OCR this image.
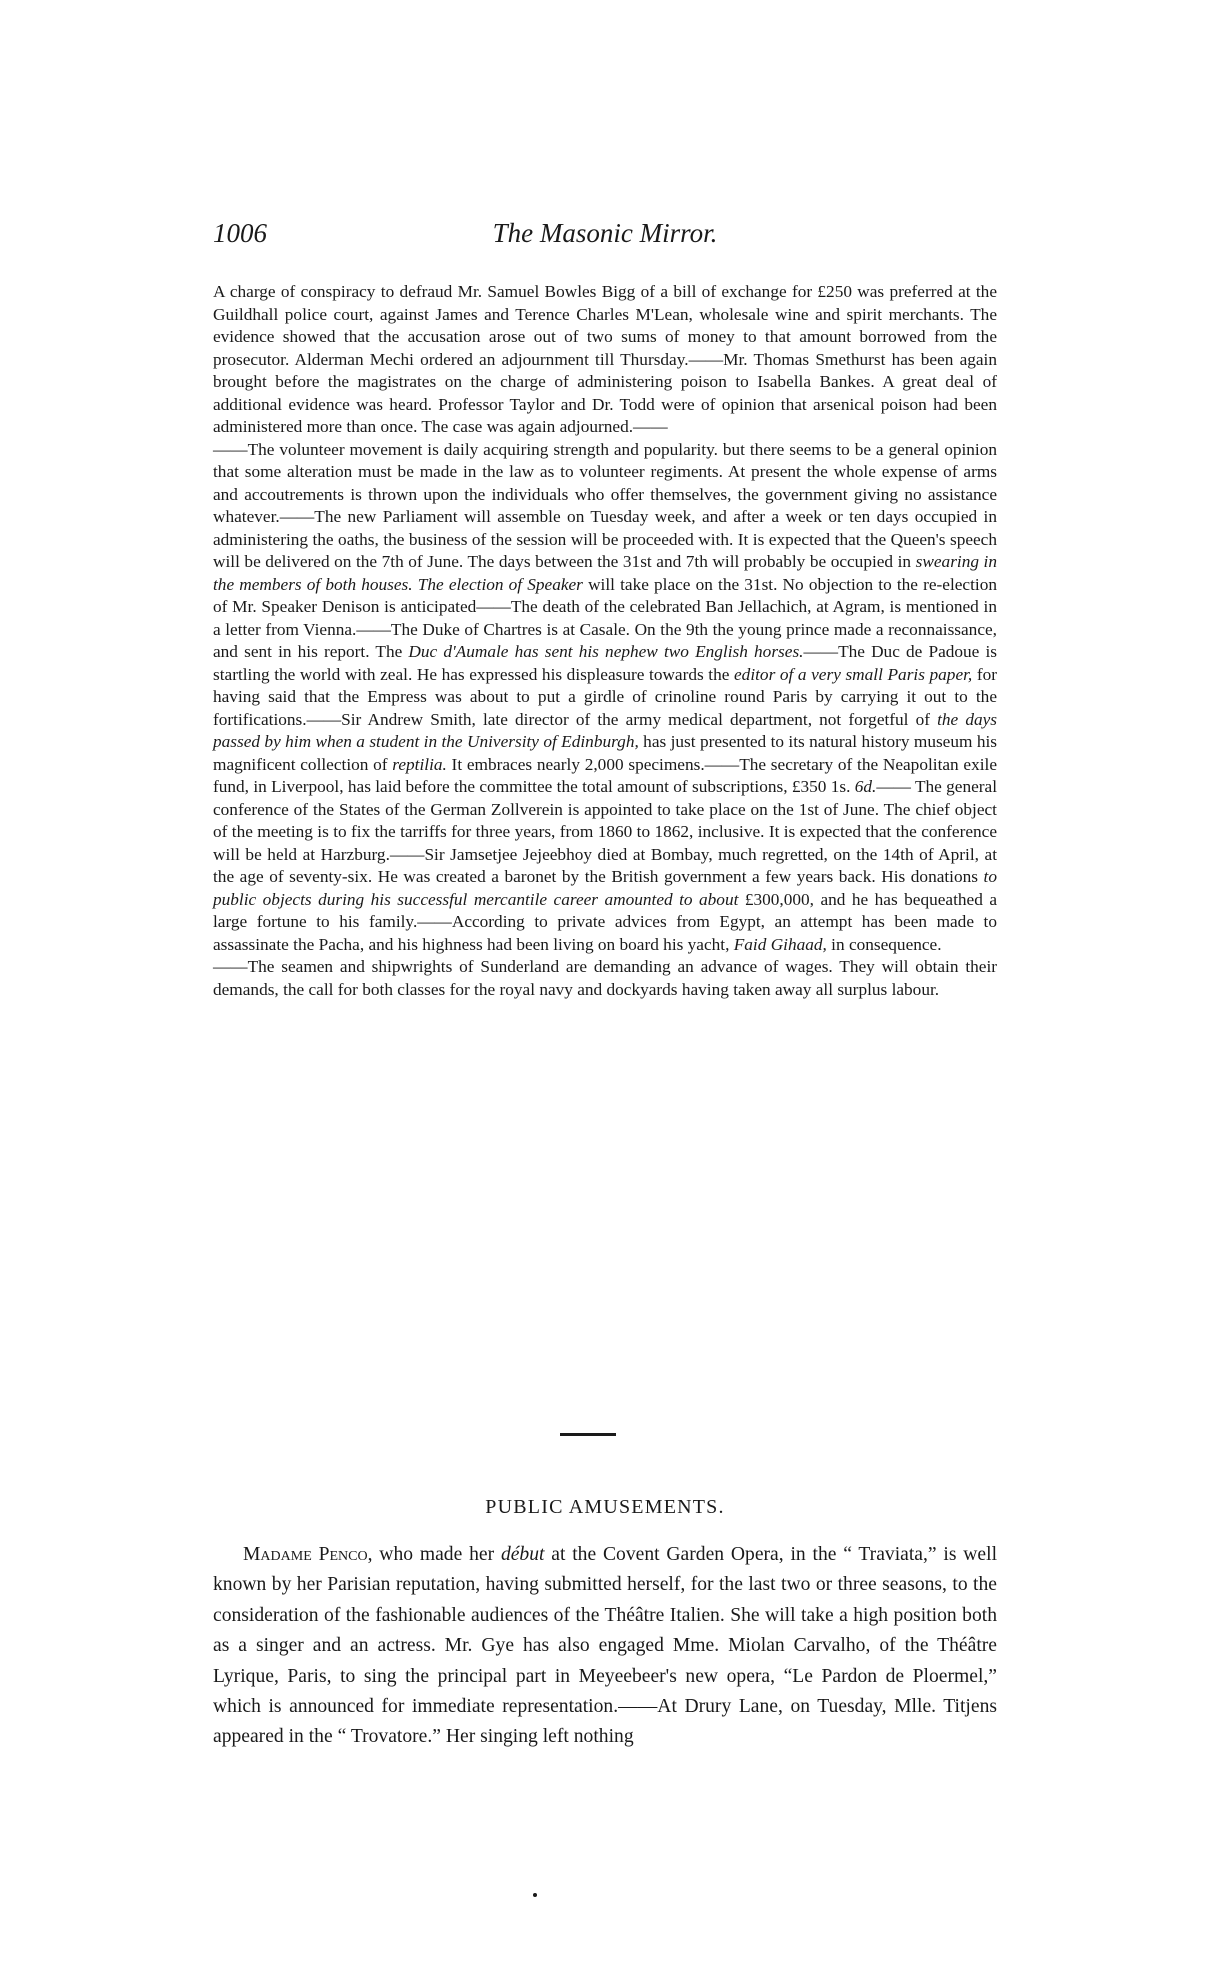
1006	The Masonic Mirror.

A charge of conspiracy to defraud Mr. Samuel Bowles Bigg of a bill of exchange for £250 was preferred at the Guildhall police court, against James and Terence Charles M'Lean, wholesale wine and spirit merchants. The evidence showed that the accusation arose out of two sums of money to that amount borrowed from the prosecutor. Alderman Mechi ordered an adjournment till Thursday.——Mr. Thomas Smethurst has been again brought before the magistrates on the charge of administering poison to Isabella Bankes. A great deal of additional evidence was heard. Professor Taylor and Dr. Todd were of opinion that arsenical poison had been administered more than once. The case was again adjourned.——

——The volunteer movement is daily acquiring strength and popularity. but there seems to be a general opinion that some alteration must be made in the law as to volunteer regiments. At present the whole expense of arms and accoutrements is thrown upon the individuals who offer themselves, the government giving no assistance whatever.——The new Parliament will assemble on Tuesday week, and after a week or ten days occupied in administering the oaths, the business of the session will be proceeded with. It is expected that the Queen's speech will be delivered on the 7th of June. The days between the 31st and 7th will probably be occupied in swearing in the members of both houses. The election of Speaker will take place on the 31st. No objection to the re-election of Mr. Speaker Denison is anticipated——The death of the celebrated Ban Jellachich, at Agram, is mentioned in a letter from Vienna.——The Duke of Chartres is at Casale. On the 9th the young prince made a reconnaissance, and sent in his report. The Duc d'Aumale has sent his nephew two English horses.——The Duc de Padoue is startling the world with zeal. He has expressed his displeasure towards the editor of a very small Paris paper, for having said that the Empress was about to put a girdle of crinoline round Paris by carrying it out to the fortifications.——Sir Andrew Smith, late director of the army medical department, not forgetful of the days passed by him when a student in the University of Edinburgh, has just presented to its natural history museum his magnificent collection of reptilia. It embraces nearly 2,000 specimens.——The secretary of the Neapolitan exile fund, in Liverpool, has laid before the committee the total amount of subscriptions, £350 1s. 6d.—— The general conference of the States of the German Zollverein is appointed to take place on the 1st of June. The chief object of the meeting is to fix the tarriffs for three years, from 1860 to 1862, inclusive. It is expected that the conference will be held at Harzburg.——Sir Jamsetjee Jejeebhoy died at Bombay, much regretted, on the 14th of April, at the age of seventy-six. He was created a baronet by the British government a few years back. His donations to public objects during his successful mercantile career amounted to about £300,000, and he has bequeathed a large fortune to his family.——According to private advices from Egypt, an attempt has been made to assassinate the Pacha, and his highness had been living on board his yacht, Faid Gihaad, in consequence.

——The seamen and shipwrights of Sunderland are demanding an advance of wages. They will obtain their demands, the call for both classes for the royal navy and dockyards having taken away all surplus labour.

PUBLIC AMUSEMENTS.
Madame Penco, who made her début at the Covent Garden Opera, in the “ Traviata,” is well known by her Parisian reputation, having submitted herself, for the last two or three seasons, to the consideration of the fashionable audiences of the Théâtre Italien. She will take a high position both as a singer and an actress. Mr. Gye has also engaged Mme. Miolan Carvalho, of the Théâtre Lyrique, Paris, to sing the principal part in Meyeebeer's new opera, “Le Pardon de Ploermel,” which is announced for immediate representation.——At Drury Lane, on Tuesday, Mlle. Titjens appeared in the “ Trovatore.” Her singing left nothing
